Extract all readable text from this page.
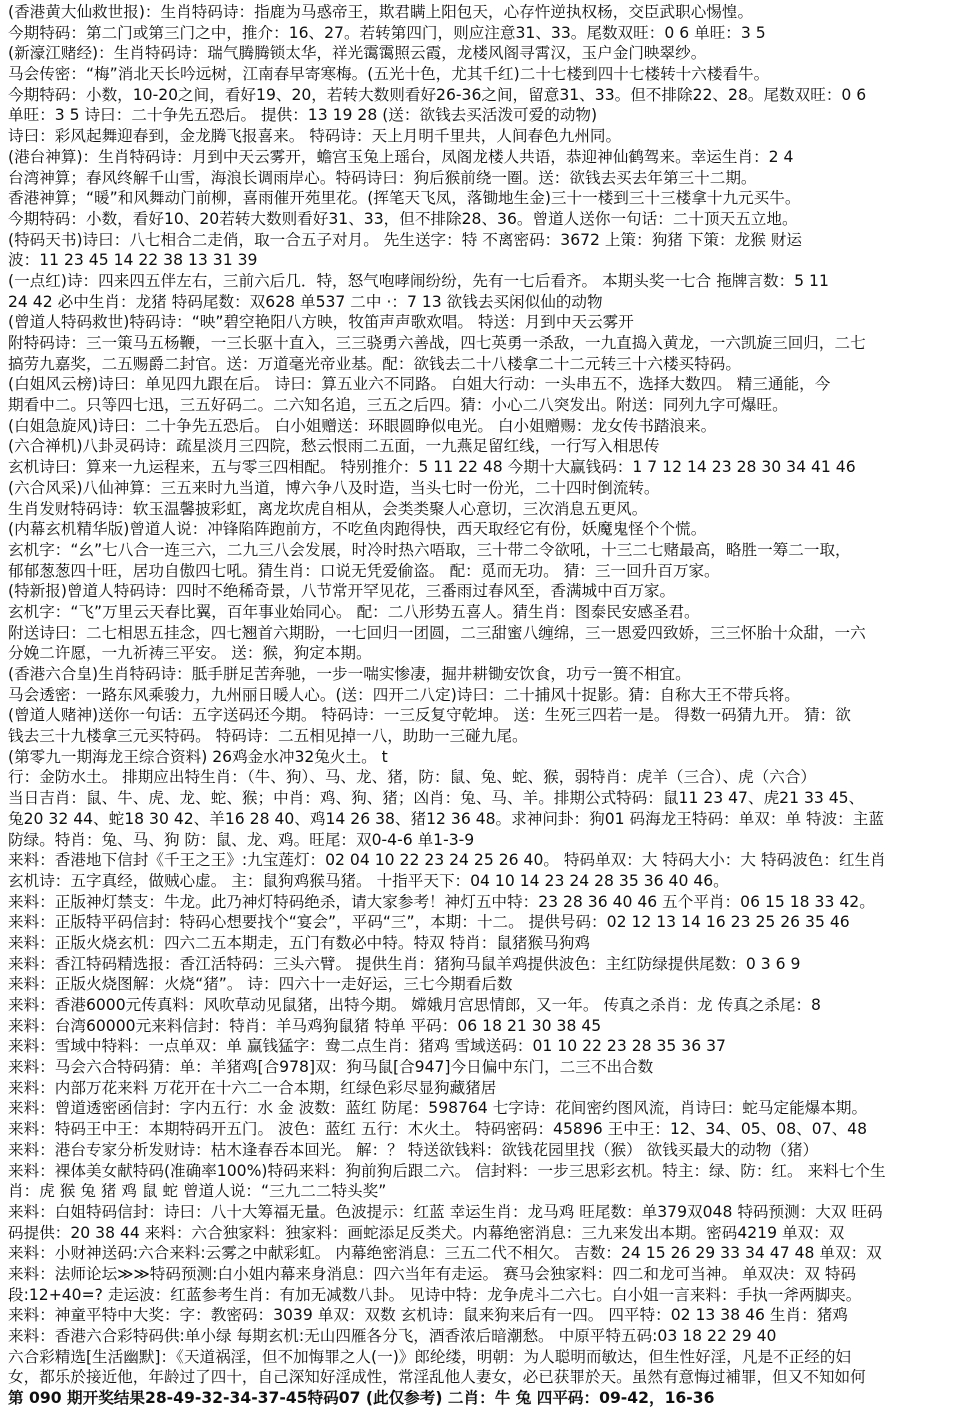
(香港黄大仙救世报)：生肖特码诗：指鹿为马惑帝王，欺君瞒上阳包天，心存忤逆执权杨，交臣武职心惕惶。
今期特码：第二门或第三门之中，推介：16、27。若转第四门，则应注意31、33。尾数双旺：0 6 单旺：3 5
(新濠江赌经)：生肖特码诗：瑞气腾腾锁太华，祥光霭霭照云霞，龙楼风阁寻霄汉，玉户金门映翠纱。
马会传密：“梅”消北天长吟远树，江南春早寄寒梅。(五光十色，尤其千红)二十七楼到四十七楼转十六楼看牛。
今期特码：小数，10-20之间，看好19、20，若转大数则看好26-36之间，留意31、33。但不排除22、28。尾数双旺：0 6
单旺：3 5 诗曰：二十争先五恐后。 提供：13 19 28 (送：欲钱去买活泼可爱的动物)
诗曰：彩风起舞迎春到，金龙腾飞报喜来。 特码诗：天上月明千里共，人间春色九州同。
(港台神算)：生肖特码诗：月到中天云雾开，蟾宫玉兔上瑶台，凤阁龙楼人共语，恭迎神仙鹤驾来。幸运生肖：2 4
台湾神算；春风终解千山雪，海浪长调雨岸心。特码诗曰：狗后猴前绕一圈。送：欲钱去买去年第三十二期。
香港神算；“暖”和风舞动门前柳，喜雨催开苑里花。(挥笔天飞凤，落锄地生金)三十一楼到三十三楼拿十九元买牛。
今期特码：小数，看好10、20若转大数则看好31、33，但不排除28、36。曾道人送你一句话：二十顶天五立地。
(特码天书)诗曰：八七相合二走俏，取一合五子对月。 先生送字：特 不离密码：3672 上策：狗猪 下策：龙猴 财运
波：11 23 45 14 22 38 13 31 39
(一点红)诗：四来四五伴左右，三前六后几．特，怒气咆哮闹纷纷，先有一七后看齐。 本期头奖一七合 拖牌言数：5 11
24 42 必中生肖：龙猪 特码尾数：双628 单537 二中 ·：7 13 欲钱去买闲似仙的动物
(曾道人特码救世)特码诗：“映”碧空艳阳八方映，牧笛声声歌欢唱。 特送：月到中天云雾开
附特码诗：三一策马五杨鞭，一三长驱十直入，三三骁勇六善战，四七英勇一杀敌，一九直捣入黄龙，一六凯旋三回归，二七
搞劳九嘉奖，二五赐爵二封官。送：万道毫光帝业基。配：欲钱去二十八楼拿二十二元转三十六楼买特码。
(白姐风云榜)诗曰：单见四九跟在后。 诗曰：算五业六不同路。 白姐大行动：一头串五不，选择大数四。 精三通能，今
期看中二。只等四七迅，三五好码二。二六知名追，三五之后四。猜：小心二八突发出。附送：同列九字可爆旺。
(白姐急旋风)诗曰：二十争先五恐后。 白小姐赠送：环眼圆睁似电光。 白小姐赠赐：龙女传书踏浪来。
(六合禅机)八卦灵码诗：疏星淡月三四院，愁云恨雨二五面，一九燕足留红线，一行写入相思传
玄机诗曰：算来一九运程来，五与零三四相配。 特别推介：5 11 22 48 今期十大赢钱码：1 7 12 14 23 28 30 34 41 46
(六合风采)八仙神算：三五来时九当道，博六争八及时造，当头七时一份光，二十四时倒流转。
生肖发财特码诗：软玉温馨披彩虹，离龙坎虎自相从，会类类聚人心意切，三次消息五更风。
(内幕玄机精华版)曾道人说：冲锋陷阵跑前方，不吃鱼肉跑得快，西天取经它有份，妖魔鬼怪个个慌。
玄机字：“幺”七八合一连三六，二九三八会发展，时冷时热六唔取，三十带二令欲吼，十三二七赌最高，略胜一筹二一取，
郁郁葱葱四十旺，居功自傲四七吼。猜生肖：口说无凭爱偷盗。 配：觅而无功。 猜：三一回升百万家。
(特新报)曾道人特码诗：四时不绝稀奇景，八节常开罕见花，三番雨过春风至，香满城中百万家。
玄机字：“飞”万里云天春比翼，百年事业始同心。 配：二八形势五喜人。猜生肖：图泰民安感圣君。
附送诗曰：二七相思五挂念，四七翘首六期盼，一七回归一团圆，二三甜蜜八缠绵，三一恩爱四致娇，三三怀胎十众甜，一六
分娩二许愿，一九祈祷三平安。 送：猴，狗定本期。
(香港六合皇)生肖特码诗：胝手胼足苦奔驰，一步一喘实惨凄，掘井耕锄安饮食，功亏一篑不相宜。
马会透密：一路东风乘骏力，九州丽日暖人心。(送：四开二八定)诗曰：二十捕风十捉影。猜：自称大王不带兵将。
(曾道人赌神)送你一句话：五字送码还今期。 特码诗：一三反复守乾坤。 送：生死三四若一是。 得数一码猜九开。 猜：欲
钱去三十九楼拿三元买特码。 特码诗：二五相见掉一八，助助一三碰九尾。
(第零九一期海龙王综合资料) 26鸡金水冲32兔火土。 t
行：金防水土。 排期应出特生肖：（牛、狗）、马、龙、猪，防：鼠、兔、蛇、猴，弱特肖：虎羊（三合）、虎（六合）
当日吉肖：鼠、牛、虎、龙、蛇、猴；中肖：鸡、狗、猪；凶肖：兔、马、羊。排期公式特码：鼠11 23 47、虎21 33 45、
兔20 32 44、蛇18 30 42、羊16 28 40、鸡14 26 38、猪12 36 48。求神问卦：狗01 码海龙王特码：单双：单 特波：主蓝
防绿。特肖：兔、马、狗 防：鼠、龙、鸡。旺尾：双0-4-6 单1-3-9
来料：香港地下信封《千王之王》:九宝莲灯：02 04 10 22 23 24 25 26 40。 特码单双：大 特码大小：大 特码波色：红生肖
玄机诗：五字真经，做贼心虚。 主：鼠狗鸡猴马猪。 十指平天下：04 10 14 23 24 28 35 36 40 46。
来料：正版神灯禁支：牛龙。此乃神灯特码绝杀，请大家参考！神灯五中特：23 28 36 40 46 五个平肖：06 15 18 33 42。
来料：正版特平码信封：特码心想要找个“宴会”，平码“三”，本期：十二。 提供号码：02 12 13 14 16 23 25 26 35 46
来料：正版火烧玄机：四六二五本期走，五门有数必中特。特双 特肖：鼠猪猴马狗鸡
来料：香江特码精选报：香江活特码：三头六臂。 提供生肖：猪狗马鼠羊鸡提供波色：主红防绿提供尾数：0 3 6 9
来料：正版火烧图解：火烧“猪”。 诗：四六十一走好运，三七今期看后数
来料：香港6000元传真料：风吹草动见鼠猪，出特今期。 嫦娥月宫思情郎，又一年。 传真之杀肖：龙 传真之杀尾：8
来料：台湾60000元来料信封：特肖：羊马鸡狗鼠猪 特单 平码：06 18 21 30 38 45
来料：雪域中特料：一点单双：单 赢钱猛字：鸯二点生肖：猪鸡 雪域送码：01 10 22 23 28 35 36 37
来料：马会六合特码猜：单：羊猪鸡[合978]双：狗马鼠[合947]今日偏中东门，二三不出合数
来料：内部万花来料 万花开在十六二一合本期，红绿色彩尽显狗藏猪居
来料：曾道透密函信封：字内五行：水 金 波数：蓝红 防尾：598764 七字诗：花间密约图风流，肖诗曰：蛇马定能爆本期。
来料：特码王中王：本期特码开五门。 波色：蓝红 五行：木火土。 特码密码：45896 王中王：12、34、05、08、07、48
来料：港台专家分析发财诗：枯木逢春吞本回光。 解：？ 特送欲钱料：欲钱花园里找（猴） 欲钱买最大的动物（猪）
来料：裸体美女献特码(准确率100%)特码来料：狗前狗后跟二六。 信封料：一步三思彩玄机。特主：绿、防：红。 来料七个生
肖：虎 猴 兔 猪 鸡 鼠 蛇 曾道人说：“三九二二特头奖”
来料：白姐特码信封：诗曰：八十大筹福无量。色波提示：红蓝 幸运生肖：龙马鸡 旺尾数：单379双048 特码预测：大双 旺码
码提供：20 38 44 来料：六合独家料：独家料：画蛇添足反类犬。内幕绝密消息：三九来发出本期。密码4219 单双：双
来料：小财神送码:六合来料:云雾之中献彩虹。 内幕绝密消息：三五二代不相欠。 吉数：24 15 26 29 33 34 47 48 单双：双
来料：法师论坛≫≫特码预测:白小姐内幕来身消息：四六当年有走运。 赛马会独家料：四二和龙可当神。 单双决：双 特码
段:12+40=? 走运波：红蓝参考生肖：有加无减数八卦。 见诗中特：龙争虎斗二六七。白小姐一言来料：手执一斧两脚夹。
来料：神童平特中大奖：字：教密码：3039 单双：双数 玄机诗：鼠来狗来后有一四。 四平特：02 13 38 46 生肖：猪鸡
来料：香港六合彩特码供:单小绿 每期玄机:无山四雁各分飞，酒香浓后暗潮愁。 中原平特五码:03 18 22 29 40
六合彩精选[生活幽默]：《天道祸淫，但不加悔罪之人(一)》郎纶缕，明朝：为人聪明而敏达，但生性好淫，凡是不正经的妇
女，都乐於接近他，年龄过了四十，自己深知好淫成性，常淫乱他人妻女，必已获罪於天。虽然有意悔过補罪，但又不知如何
第 090 期开奖结果28-49-32-34-37-45特码07 (此仅参考) 二肖：牛 兔 四平码：09-42，16-36
